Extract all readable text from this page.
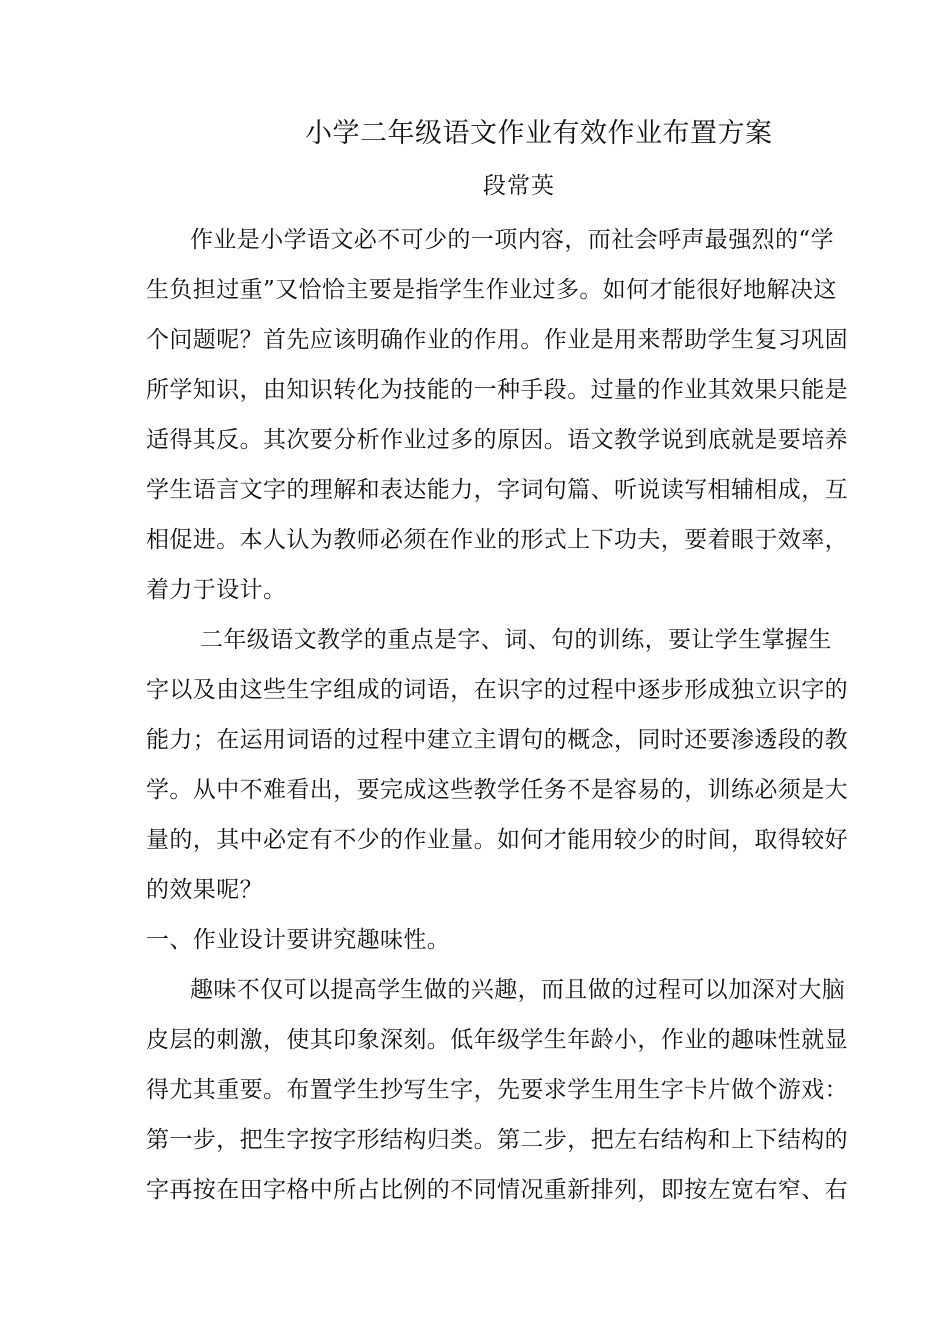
小学二年级语文作业有效作业布置方案
段常英
作业是小学语文必不可少的一项内容，而社会呼声最强烈的“学
生负担过重”又恰恰主要是指学生作业过多。如何才能很好地解决这
个问题呢？首先应该明确作业的作用。作业是用来帮助学生复习巩固
所学知识，由知识转化为技能的一种手段。过量的作业其效果只能是
适得其反。其次要分析作业过多的原因。语文教学说到底就是要培养
学生语言文字的理解和表达能力，字词句篇、听说读写相辅相成，互
相促进。本人认为教师必须在作业的形式上下功夫，要着眼于效率，
着力于设计。
二年级语文教学的重点是字、词、句的训练，要让学生掌握生
字以及由这些生字组成的词语，在识字的过程中逐步形成独立识字的
能力；在运用词语的过程中建立主谓句的概念，同时还要渗透段的教
学。从中不难看出，要完成这些教学任务不是容易的，训练必须是大
量的，其中必定有不少的作业量。如何才能用较少的时间，取得较好
的效果呢？
一、作业设计要讲究趣味性。
趣味不仅可以提高学生做的兴趣，而且做的过程可以加深对大脑
皮层的刺激，使其印象深刻。低年级学生年龄小，作业的趣味性就显
得尤其重要。布置学生抄写生字，先要求学生用生字卡片做个游戏：
第一步，把生字按字形结构归类。第二步，把左右结构和上下结构的
字再按在田字格中所占比例的不同情况重新排列，即按左宽右窄、右
